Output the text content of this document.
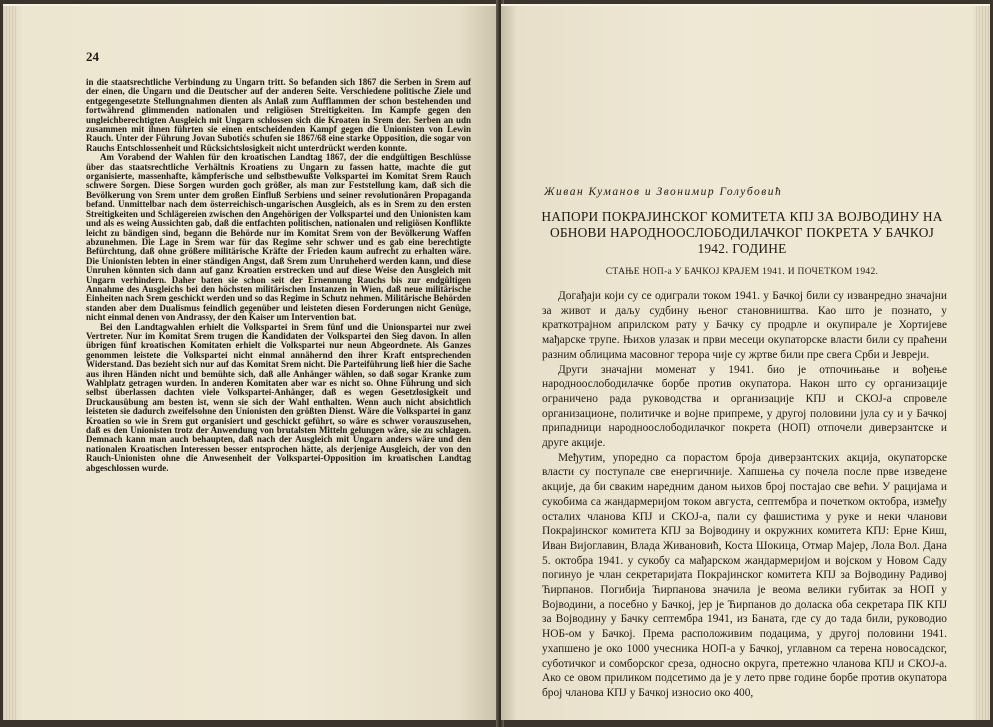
24

in die staatsrechtliche Verbindung zu Ungarn tritt. So befanden sich 1867 die Serben in Srem auf der einen, die Ungarn und die Deutscher auf der anderen Seite. Verschiedene politische Ziele und entgegengesetzte Stellungnahmen dienten als Anlaß zum Aufflammen der schon bestehenden und fortwährend glimmenden nationalen und religiösen Streitigkeiten. Im Kampfe gegen den ungleichberechtigten Ausgleich mit Ungarn schlossen sich die Kroaten in Srem der. Serben an udn zusammen mit ihnen führten sie einen entscheidenden Kampf gegen die Unionisten von Lewin Rauch. Unter der Führung Jovan Subotićs schufen sie 1867/68 eine starke Opposition, die sogar von Rauchs Entschlossenheit und Rücksichtslosigkeit nicht unterdrückt werden konnte.

Am Vorabend der Wahlen für den kroatischen Landtag 1867, der die endgültigen Beschlüsse über das staatsrechtliche Verhältnis Kroatiens zu Ungarn zu fassen hatte, machte die gut organisierte, massenhafte, kämpferische und selbstbewußte Volkspartei im Komitat Srem Rauch schwere Sorgen. Diese Sorgen wurden goch größer, als man zur Feststellung kam, daß sich die Bevölkerung von Srem unter dem großen Einfluß Serbiens und seiner revolutionären Propaganda befand. Unmittelbar nach dem österreichisch-ungarischen Ausgleich, als es in Srem zu den ersten Streitigkeiten und Schlägereien zwischen den Angehörigen der Volkspartei und den Unionisten kam und als es weing Aussichten gab, daß die entfachten politischen, nationalen und religiösen Konflikte leicht zu bändigen sind, begann die Behörde nur im Komitat Srem von der Bevölkerung Waffen abzunehmen. Die Lage in Srem war für das Regime sehr schwer und es gab eine berechtigte Befürchtung, daß ohne größere militärische Kräfte der Frieden kaum aufrecht zu erhalten wäre. Die Unionisten lebten in einer ständigen Angst, daß Srem zum Unruheherd werden kann, und diese Unruhen könnten sich dann auf ganz Kroatien erstrecken und auf diese Weise den Ausgleich mit Ungarn verhindern. Daher baten sie schon seit der Ernennung Rauchs bis zur endgültigen Annahme des Ausgleichs bei den höchsten militärischen Instanzen in Wien, daß neue militärische Einheiten nach Srem geschickt werden und so das Regime in Schutz nehmen. Militärische Behörden standen aber dem Dualismus feindlich gegenüber und leisteten diesen Forderungen nicht Genüge, nicht einmal denen von Andrassy, der den Kaiser um Intervention bat.

Bei den Landtagwahlen erhielt die Volkspartei in Srem fünf und die Unionspartei nur zwei Vertreter. Nur im Komitat Srem trugen die Kandidaten der Volkspartei den Sieg davon. In allen übrigen fünf kroatischen Komitaten erhielt die Volkspartei nur neun Abgeordnete. Als Ganzes genommen leistete die Volkspartei nicht einmal annähernd den ihrer Kraft entsprechenden Widerstand. Das bezieht sich nur auf das Komitat Srem nicht. Die Parteiführung ließ hier die Sache aus ihren Händen nicht und bemühte sich, daß alle Anhänger wählen, so daß sogar Kranke zum Wahlplatz getragen wurden. In anderen Komitaten aber war es nicht so. Ohne Führung und sich selbst überlassen dachten viele Volkspartei-Anhänger, daß es wegen Gesetzlosigkeit und Druckausübung am besten ist, wenn sie sich der Wahl enthalten. Wenn auch nicht absichtlich leisteten sie dadurch zweifelsohne den Unionisten den größten Dienst. Wäre die Volkspartei in ganz Kroatien so wie in Srem gut organisiert und geschickt geführt, so wäre es schwer vorauszusehen, daß es den Unionisten trotz der Anwendung von brutalsten Mitteln gelungen wäre, sie zu schlagen. Demnach kann man auch behaupten, daß nach der Ausgleich mit Ungarn anders wäre und den nationalen Kroatischen Interessen besser entsprochen hätte, als derjenige Ausgleich, der von den Rauch-Unionisten ohne die Anwesenheit der Volkspartei-Opposition im kroatischen Landtag abgeschlossen wurde.

Живан Куманов и Звонимир Голубовић
НАПОРИ ПОКРАЈИНСКОГ КОМИТЕТА КПЈ ЗА ВОЈВОДИНУ НА ОБНОВИ НАРОДНООСЛОБОДИЛАЧКОГ ПОКРЕТА У БАЧКОЈ 1942. ГОДИНЕ
СТАЊЕ НОП-а У БАЧКОЈ КРАЈЕМ 1941. И ПОЧЕТКОМ 1942.

Догађаји који су се одиграли током 1941. у Бачкој били су изванредно значајни за живот и даљу судбину њеног становништва. Као што је познато, у краткотрајном априлском рату у Бачку су продрле и окупирале је Хортијеве мађарске трупе. Њихов улазак и први месеци окупаторске власти били су праћени разним облицима масовног терора чије су жртве били пре свега Срби и Јевреји.

Други значајни моменат у 1941. био је отпочињање и вођење народноослободилачке борбе против окупатора. Након што су организације ограничено рада руководства и организације КПЈ и СКОЈ-а спровеле организационе, политичке и војне припреме, у другој половини јула су и у Бачкој припадници народноослободилачког покрета (НОП) отпочели диверзантске и друге акције.

Међутим, упоредно са порастом броја диверзантских акција, окупаторске власти су поступале све енергичније. Хапшења су почела после прве изведене акције, да би сваким наредним даном њихов број постајао све већи. У рацијама и сукобима са жандармеријом током августа, септембра и почетком октобра, између осталих чланова КПЈ и СКОЈ-а, пали су фашистима у руке и неки чланови Покрајинског комитета КПЈ за Војводину и окружних комитета КПЈ: Ерне Киш, Иван Вијоглавин, Влада Живановић, Коста Шокица, Отмар Мајер, Лола Вол. Дана 5. октобра 1941. у сукобу са мађарском жандармеријом и војском у Новом Саду погинуо је члан секретаријата Покрајинског комитета КПЈ за Војводину Радивој Ћирпанов. Погибија Ћирпанова значила је веома велики губитак за НОП у Војводини, а посебно у Бачкој, јер је Ћирпанов до доласка оба секретара ПК КПЈ за Војводину у Бачку септембра 1941, из Баната, где су до тада били, руководио НОБ-ом у Бачкој. Према расположивим подацима, у другој половини 1941. ухапшено је око 1000 учесника НОП-а у Бачкој, углавном са терена новосадског, суботичког и сомборског среза, односно округа, претежно чланова КПЈ и СКОЈ-а. Ако се овом приликом подсетимо да је у лето прве године борбе против окупатора број чланова КПЈ у Бачкој износио око 400,
